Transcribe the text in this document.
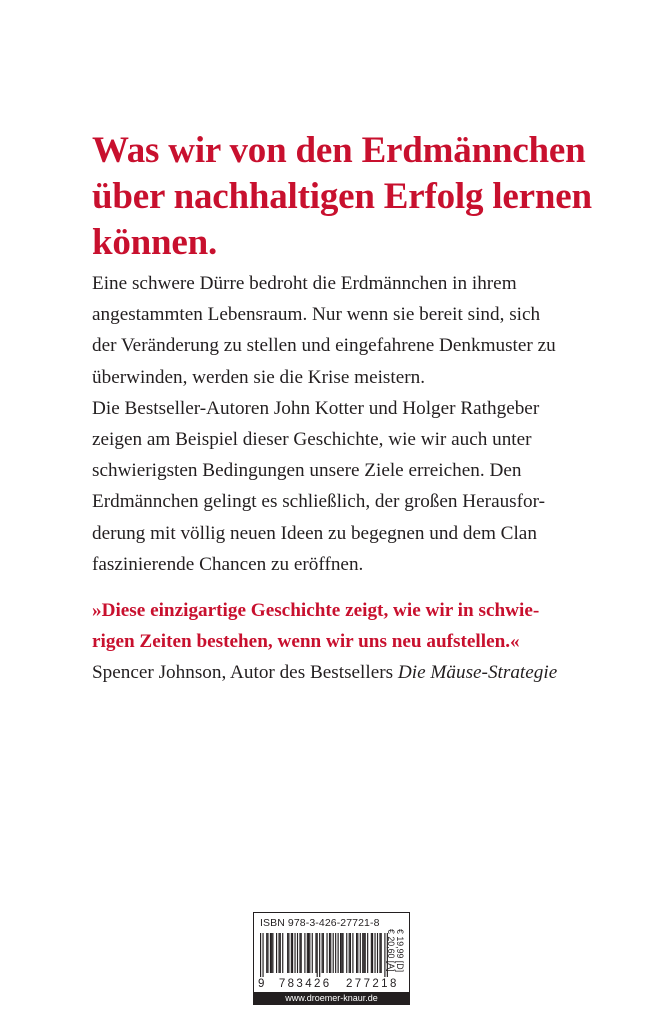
Was wir von den Erdmännchen
über nachhaltigen Erfolg lernen
können.
Eine schwere Dürre bedroht die Erdmännchen in ihrem
angestammten Lebensraum. Nur wenn sie bereit sind, sich
der Veränderung zu stellen und eingefahrene Denkmuster zu
überwinden, werden sie die Krise meistern.
Die Bestseller-Autoren John Kotter und Holger Rathgeber
zeigen am Beispiel dieser Geschichte, wie wir auch unter
schwierigsten Bedingungen unsere Ziele erreichen. Den
Erdmännchen gelingt es schließlich, der großen Herausfor-
derung mit völlig neuen Ideen zu begegnen und dem Clan
faszinierende Chancen zu eröffnen.
»Diese einzigartige Geschichte zeigt, wie wir in schwie-
rigen Zeiten bestehen, wenn wir uns neu aufstellen.«
Spencer Johnson, Autor des Bestsellers Die Mäuse-Strategie
ISBN 978-3-426-27721-8
9 783426 277218
€ 19,99 [D]
€ 20,60 [A]
www.droemer-knaur.de
